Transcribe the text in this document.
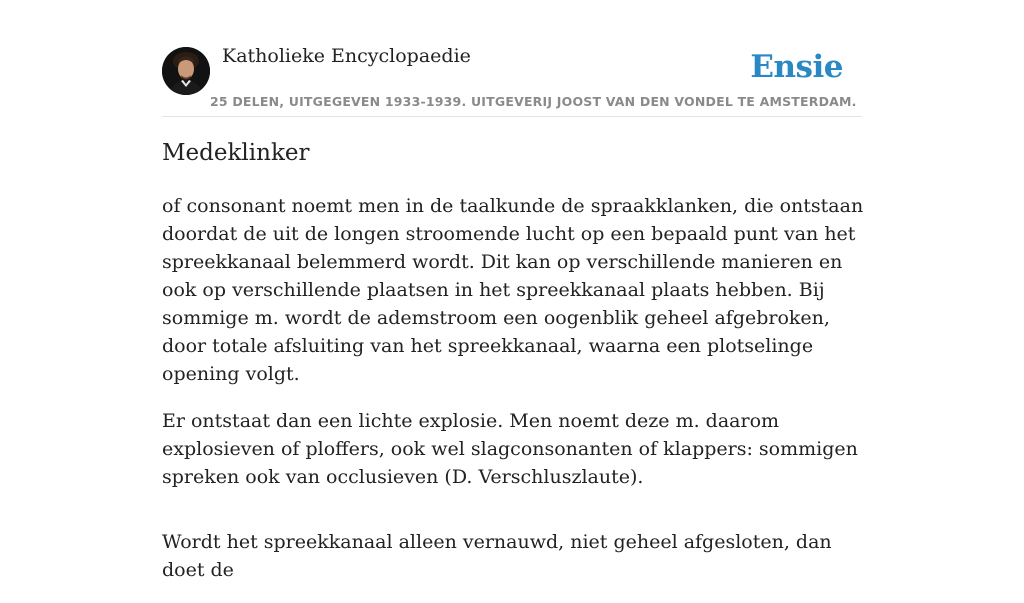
Katholieke Encyclopaedie
25 DELEN, UITGEGEVEN 1933-1939. UITGEVERIJ JOOST VAN DEN VONDEL TE AMSTERDAM.
Ensie
Medeklinker

of consonant noemt men in de taalkunde de spraakklanken, die ontstaan doordat de uit de longen stroomende lucht op een bepaald punt van het spreekkanaal belemmerd wordt. Dit kan op verschillende manieren en ook op verschillende plaatsen in het spreekkanaal plaats hebben. Bij sommige m. wordt de ademstroom een oogenblik geheel afgebroken, door totale afsluiting van het spreekkanaal, waarna een plotselinge opening volgt.

Er ontstaat dan een lichte explosie. Men noemt deze m. daarom explosieven of ploffers, ook wel slagconsonanten of klappers: sommigen spreken ook van occlusieven (D. Verschluszlaute).

Wordt het spreekkanaal alleen vernauwd, niet geheel afgesloten, dan doet de
